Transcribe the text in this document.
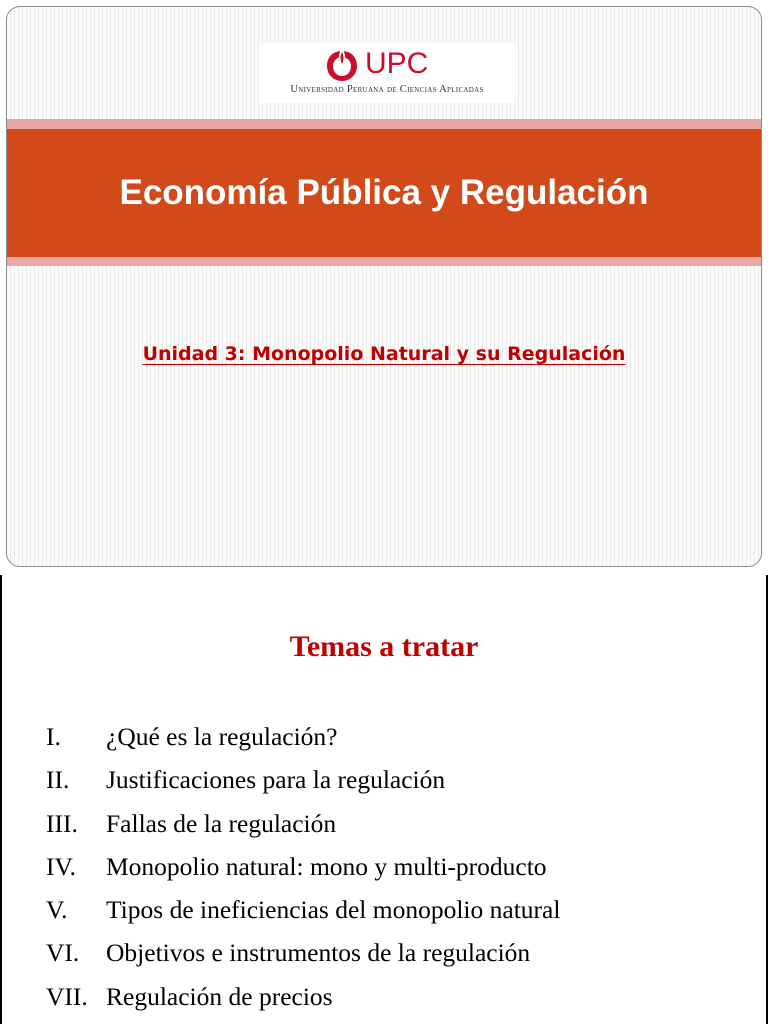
UPC
Universidad Peruana de Ciencias Aplicadas
Economía Pública y Regulación
Unidad 3: Monopolio Natural y su Regulación
Temas a tratar
I. ¿Qué es la regulación?
II. Justificaciones para la regulación
III. Fallas de la regulación
IV. Monopolio natural: mono y multi-producto
V. Tipos de ineficiencias del monopolio natural
VI. Objetivos e instrumentos de la regulación
VII. Regulación de precios
